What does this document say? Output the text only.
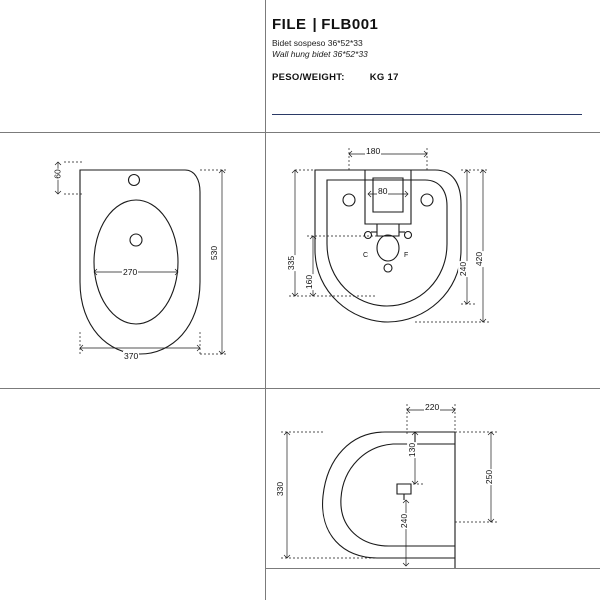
FILE | FLB001
Bidet sospeso 36*52*33
Wall hung bidet 36*52*33
PESO/WEIGHT:	KG 17
60
270
530
370
180
80
335
160
240
420
C	F
220
130
330
240
250
